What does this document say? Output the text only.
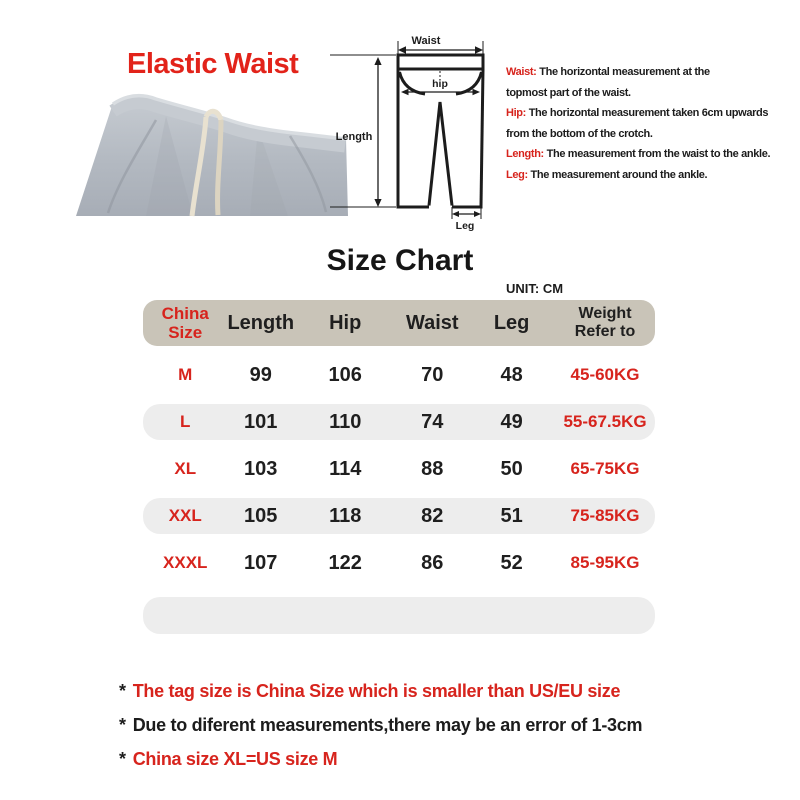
Elastic Waist
Waist
hip
Length
Leg
Waist: The horizontal measurement at the
topmost part of the waist.
Hip: The horizontal measurement taken 6cm upwards
from the bottom of the crotch.
Length: The measurement from the waist to the ankle.
Leg: The measurement around the ankle.
Size Chart
UNIT: CM
China Size	Length	Hip	Waist	Leg	Weight Refer to
M	99	106	70	48	45-60KG
L	101	110	74	49	55-67.5KG
XL	103	114	88	50	65-75KG
XXL	105	118	82	51	75-85KG
XXXL	107	122	86	52	85-95KG
* The tag size is China Size which is smaller than US/EU size
* Due to diferent measurements,there may be an error of 1-3cm
* China size XL=US size M
